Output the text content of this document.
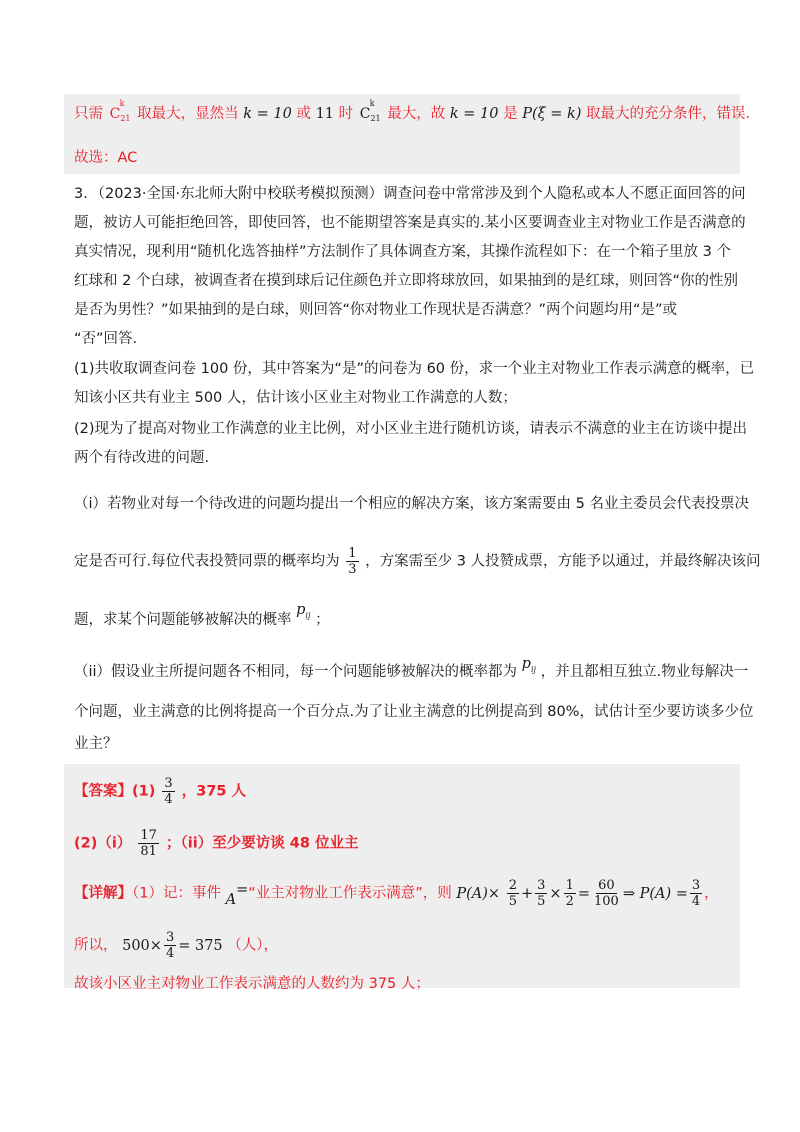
只需 $C_{21}$
k
取最大，显然当 k = 10 或 11 时 $C_{21}$
k
最大，故 k = 10 是 P(ξ = k) 取最大的充分条件，错误.
故选：AC
3．（2023·全国·东北师大附中校联考模拟预测）调查问卷中常常涉及到个人隐私或本人不愿正面回答的问
题，被访人可能拒绝回答，即使回答，也不能期望答案是真实的.某小区要调查业主对物业工作是否满意的
真实情况，现利用“随机化选答抽样”方法制作了具体调查方案，其操作流程如下：在一个箱子里放 3 个
红球和 2 个白球，被调查者在摸到球后记住颜色并立即将球放回，如果抽到的是红球，则回答“你的性别
是否为男性？”如果抽到的是白球，则回答“你对物业工作现状是否满意？”两个问题均用“是”或
“否”回答.
(1)共收取调查问卷 100 份，其中答案为“是”的问卷为 60 份，求一个业主对物业工作表示满意的概率，已
知该小区共有业主 500 人，估计该小区业主对物业工作满意的人数；
(2)现为了提高对物业工作满意的业主比例，对小区业主进行随机访谈，请表示不满意的业主在访谈中提出
两个有待改进的问题.
（i）若物业对每一个待改进的问题均提出一个相应的解决方案，该方案需要由 5 名业主委员会代表投票决
定是否可行.每位代表投赞同票的概率均为 $\frac{1}{3}$ ，方案需至少 3 人投赞成票，方能予以通过，并最终解决该问
题，求某个问题能够被解决的概率 $p_{ij}$ ；
（ii）假设业主所提问题各不相同，每一个问题能够被解决的概率都为 $p_{ij}$ ，并且都相互独立.物业每解决一
个问题，业主满意的比例将提高一个百分点.为了让业主满意的比例提高到 80%，试估计至少要访谈多少位
业主？
【答案】$(1) \frac{3}{4}$ ，375 人
$(2)(i) \frac{17}{81}$ ；（ii）至少要访谈 48 位业主
【详解】（1）记：事件 A=“业主对物业工作表示满意”，则 $P(A)\times \frac{2}{5} + \frac{3}{5} \times \frac{1}{2} = \frac{60}{100}$ ⇒ $P(A) = \frac{3}{4}$ ，
所以， $500\times \frac{3}{4} = 375$ （人），
故该小区业主对物业工作表示满意的人数约为 375 人；
